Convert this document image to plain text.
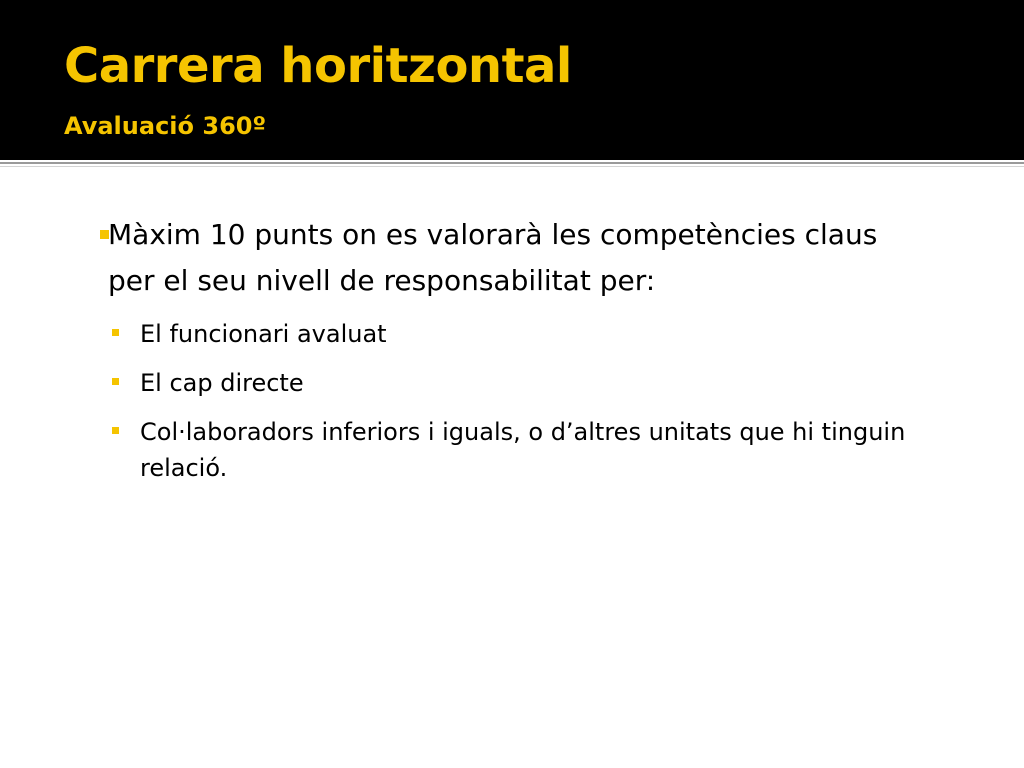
Carrera horitzontal
Avaluació 360º
Màxim 10 punts on es valorarà les competències claus per el seu nivell de responsabilitat per:
El funcionari avaluat
El cap directe
Col·laboradors inferiors i iguals, o d’altres unitats que hi tinguin relació.
